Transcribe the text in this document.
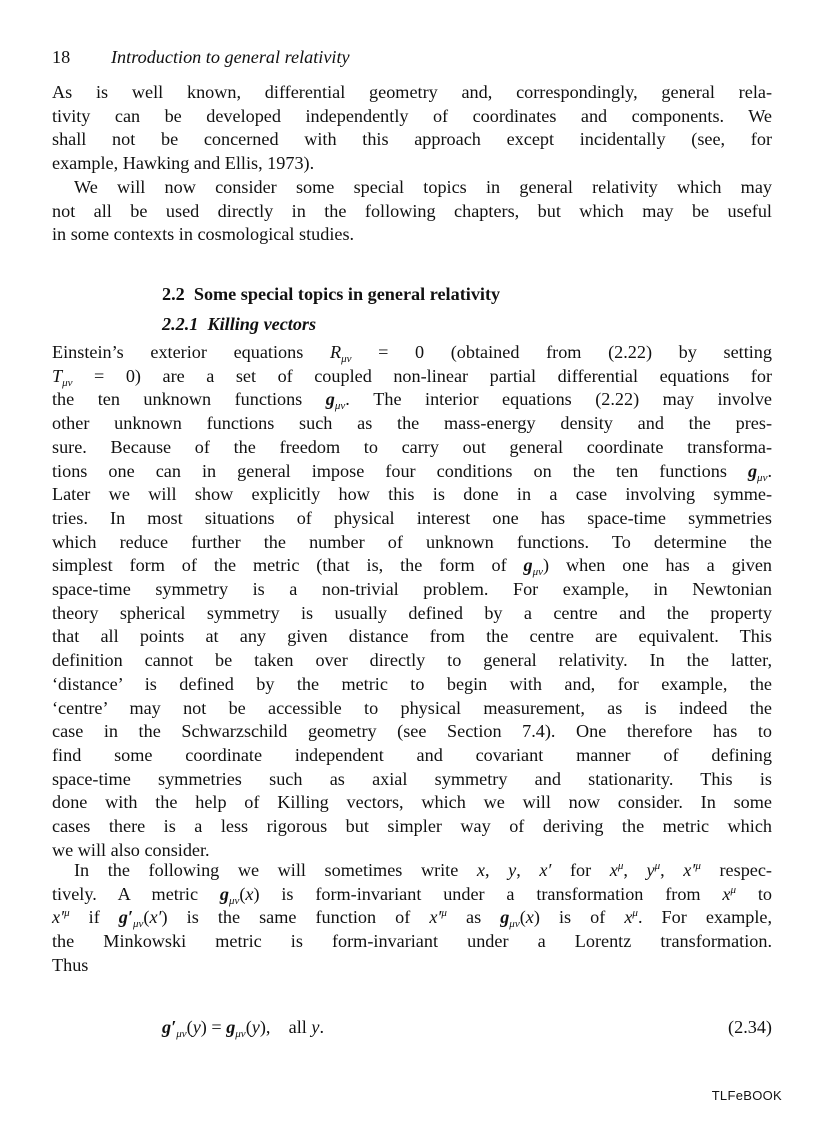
18 Introduction to general relativity
As is well known, differential geometry and, correspondingly, general rela-
tivity can be developed independently of coordinates and components. We
shall not be concerned with this approach except incidentally (see, for
example, Hawking and Ellis, 1973).
We will now consider some special topics in general relativity which may
not all be used directly in the following chapters, but which may be useful
in some contexts in cosmological studies.
2.2 Some special topics in general relativity
2.2.1 Killing vectors
Einstein’s exterior equations $R_{\mu\nu} = 0$ (obtained from (2.22) by setting
$T_{\mu\nu} = 0$) are a set of coupled non-linear partial differential equations for
the ten unknown functions $g_{\mu\nu}$. The interior equations (2.22) may involve
other unknown functions such as the mass-energy density and the pres-
sure. Because of the freedom to carry out general coordinate transforma-
tions one can in general impose four conditions on the ten functions $g_{\mu\nu}$.
Later we will show explicitly how this is done in a case involving symme-
tries. In most situations of physical interest one has space-time symmetries
which reduce further the number of unknown functions. To determine the
simplest form of the metric (that is, the form of $g_{\mu\nu}$) when one has a given
space-time symmetry is a non-trivial problem. For example, in Newtonian
theory spherical symmetry is usually defined by a centre and the property
that all points at any given distance from the centre are equivalent. This
definition cannot be taken over directly to general relativity. In the latter,
‘distance’ is defined by the metric to begin with and, for example, the
‘centre’ may not be accessible to physical measurement, as is indeed the
case in the Schwarzschild geometry (see Section 7.4). One therefore has to
find some coordinate independent and covariant manner of defining
space-time symmetries such as axial symmetry and stationarity. This is
done with the help of Killing vectors, which we will now consider. In some
cases there is a less rigorous but simpler way of deriving the metric which
we will also consider.
In the following we will sometimes write x, y, x′ for $x^\mu$, $y^\mu$, $x'^\mu$ respec-
tively. A metric $g_{\mu\nu}(x)$ is form-invariant under a transformation from $x^\mu$ to
$x'^\mu$ if $g'_{\mu\nu}(x')$ is the same function of $x'^\mu$ as $g_{\mu\nu}(x)$ is of $x^\mu$. For example,
the Minkowski metric is form-invariant under a Lorentz transformation.
Thus
$g'_{\mu\nu}(y) = g_{\mu\nu}(y)$,    all y.	(2.34)
TLFeBOOK
